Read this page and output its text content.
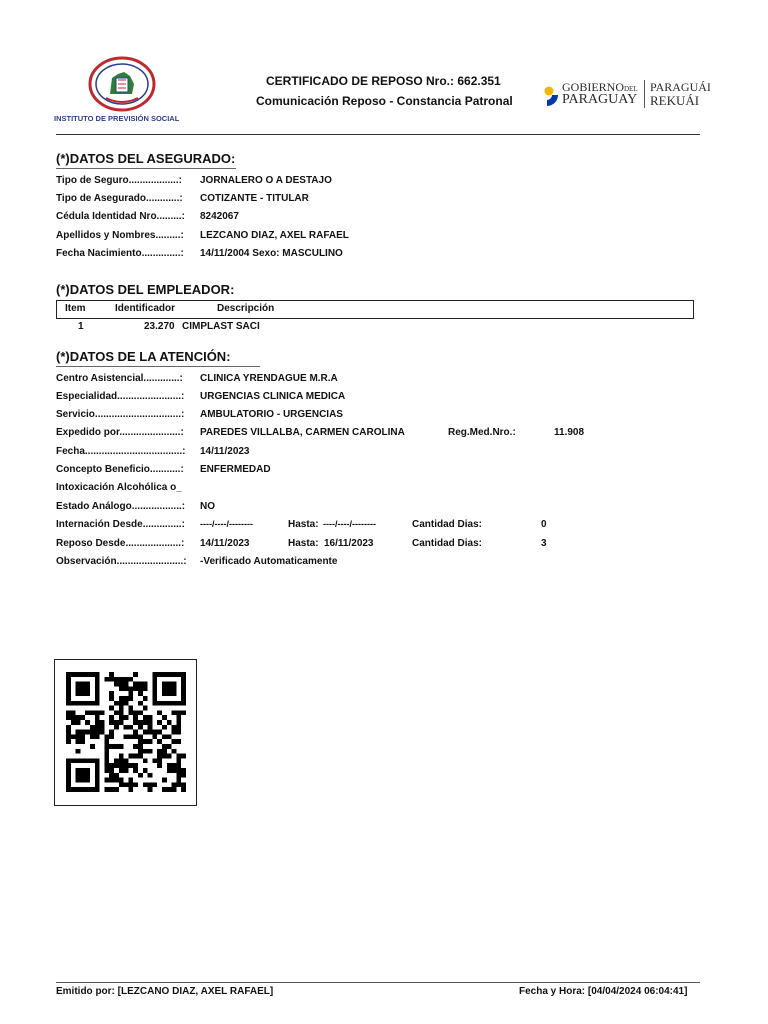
INSTITUTO DE PREVISIÓN SOCIAL
CERTIFICADO DE REPOSO Nro.: 662.351
Comunicación Reposo - Constancia Patronal
GOBIERNODEL
PARAGUAY
PARAGUÁI
REKUÁI
(*)DATOS DEL ASEGURADO:
Tipo de Seguro..................: JORNALERO O A DESTAJO
Tipo de Asegurado............: COTIZANTE - TITULAR
Cédula Identidad Nro.........: 8242067
Apellidos y Nombres.........: LEZCANO DIAZ, AXEL RAFAEL
Fecha Nacimiento..............: 14/11/2004 Sexo: MASCULINO
(*)DATOS DEL EMPLEADOR:
Item	Identificador	Descripción
1	23.270 CIMPLAST SACI
(*)DATOS DE LA ATENCIÓN:
Centro Asistencial.............: CLINICA YRENDAGUE M.R.A
Especialidad.......................: URGENCIAS CLINICA MEDICA
Servicio...............................: AMBULATORIO - URGENCIAS
Expedido por......................: PAREDES VILLALBA, CARMEN CAROLINA	Reg.Med.Nro.:	11.908
Fecha...................................: 14/11/2023
Concepto Beneficio...........: ENFERMEDAD
Intoxicación Alcohólica o_
Estado Análogo..................: NO
Internación Desde..............: ----/----/--------	Hasta: ----/----/--------	Cantidad Dias:	0
Reposo Desde....................: 14/11/2023	Hasta: 16/11/2023	Cantidad Dias:	3
Observación........................: -Verificado Automaticamente
Emitido por: [LEZCANO DIAZ, AXEL RAFAEL]	Fecha y Hora: [04/04/2024 06:04:41]
